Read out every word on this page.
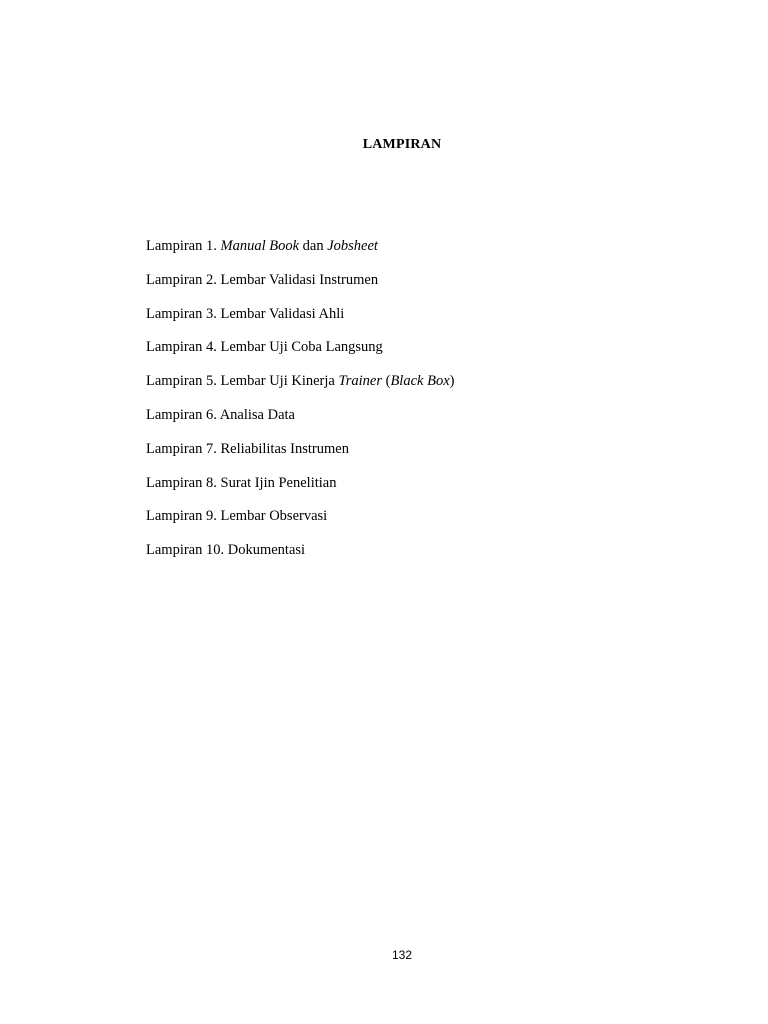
LAMPIRAN
Lampiran 1. Manual Book dan Jobsheet
Lampiran 2. Lembar Validasi Instrumen
Lampiran 3. Lembar Validasi Ahli
Lampiran 4. Lembar Uji Coba Langsung
Lampiran 5. Lembar Uji Kinerja Trainer (Black Box)
Lampiran 6. Analisa Data
Lampiran 7. Reliabilitas Instrumen
Lampiran 8. Surat Ijin Penelitian
Lampiran 9. Lembar Observasi
Lampiran 10. Dokumentasi
132
